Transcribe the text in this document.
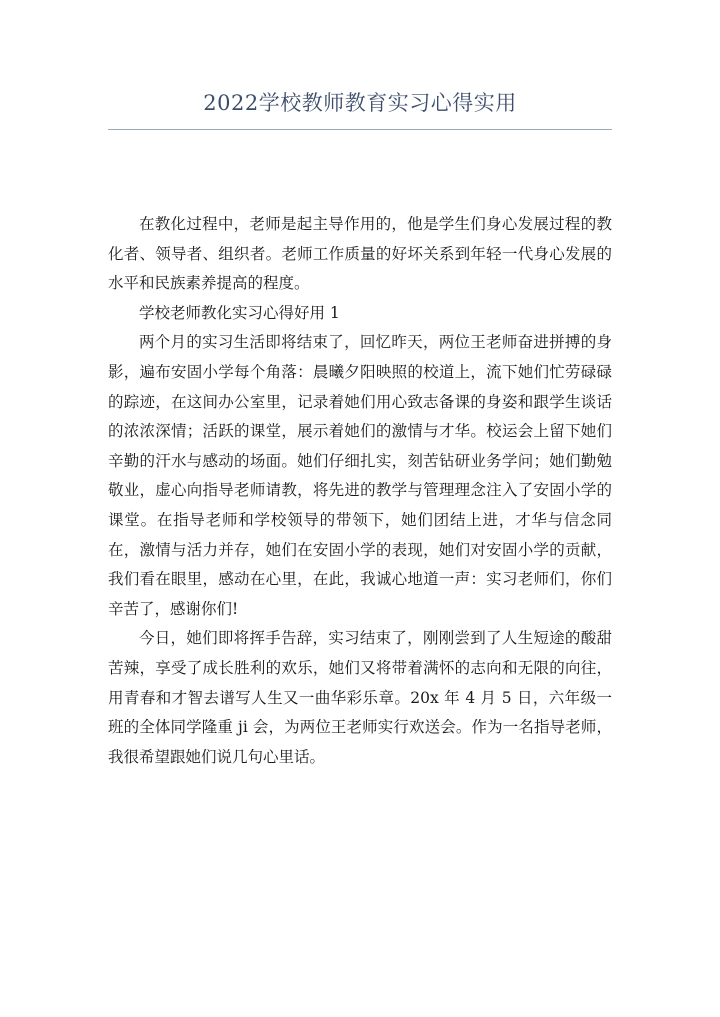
2022学校教师教育实习心得实用

在教化过程中，老师是起主导作用的，他是学生们身心发展过程的教化者、领导者、组织者。老师工作质量的好坏关系到年轻一代身心发展的水平和民族素养提高的程度。

学校老师教化实习心得好用 1

两个月的实习生活即将结束了，回忆昨天，两位王老师奋进拼搏的身影，遍布安固小学每个角落：晨曦夕阳映照的校道上，流下她们忙劳碌碌的踪迹，在这间办公室里，记录着她们用心致志备课的身姿和跟学生谈话的浓浓深情；活跃的课堂，展示着她们的激情与才华。校运会上留下她们辛勤的汗水与感动的场面。她们仔细扎实，刻苦钻研业务学问；她们勤勉敬业，虚心向指导老师请教，将先进的教学与管理理念注入了安固小学的课堂。在指导老师和学校领导的带领下，她们团结上进，才华与信念同在，激情与活力并存，她们在安固小学的表现，她们对安固小学的贡献，我们看在眼里，感动在心里，在此，我诚心地道一声：实习老师们，你们辛苦了，感谢你们!

今日，她们即将挥手告辞，实习结束了，刚刚尝到了人生短途的酸甜苦辣，享受了成长胜利的欢乐，她们又将带着满怀的志向和无限的向往，用青春和才智去谱写人生又一曲华彩乐章。20x 年 4 月 5 日，六年级一班的全体同学隆重 ji 会，为两位王老师实行欢送会。作为一名指导老师，我很希望跟她们说几句心里话。
